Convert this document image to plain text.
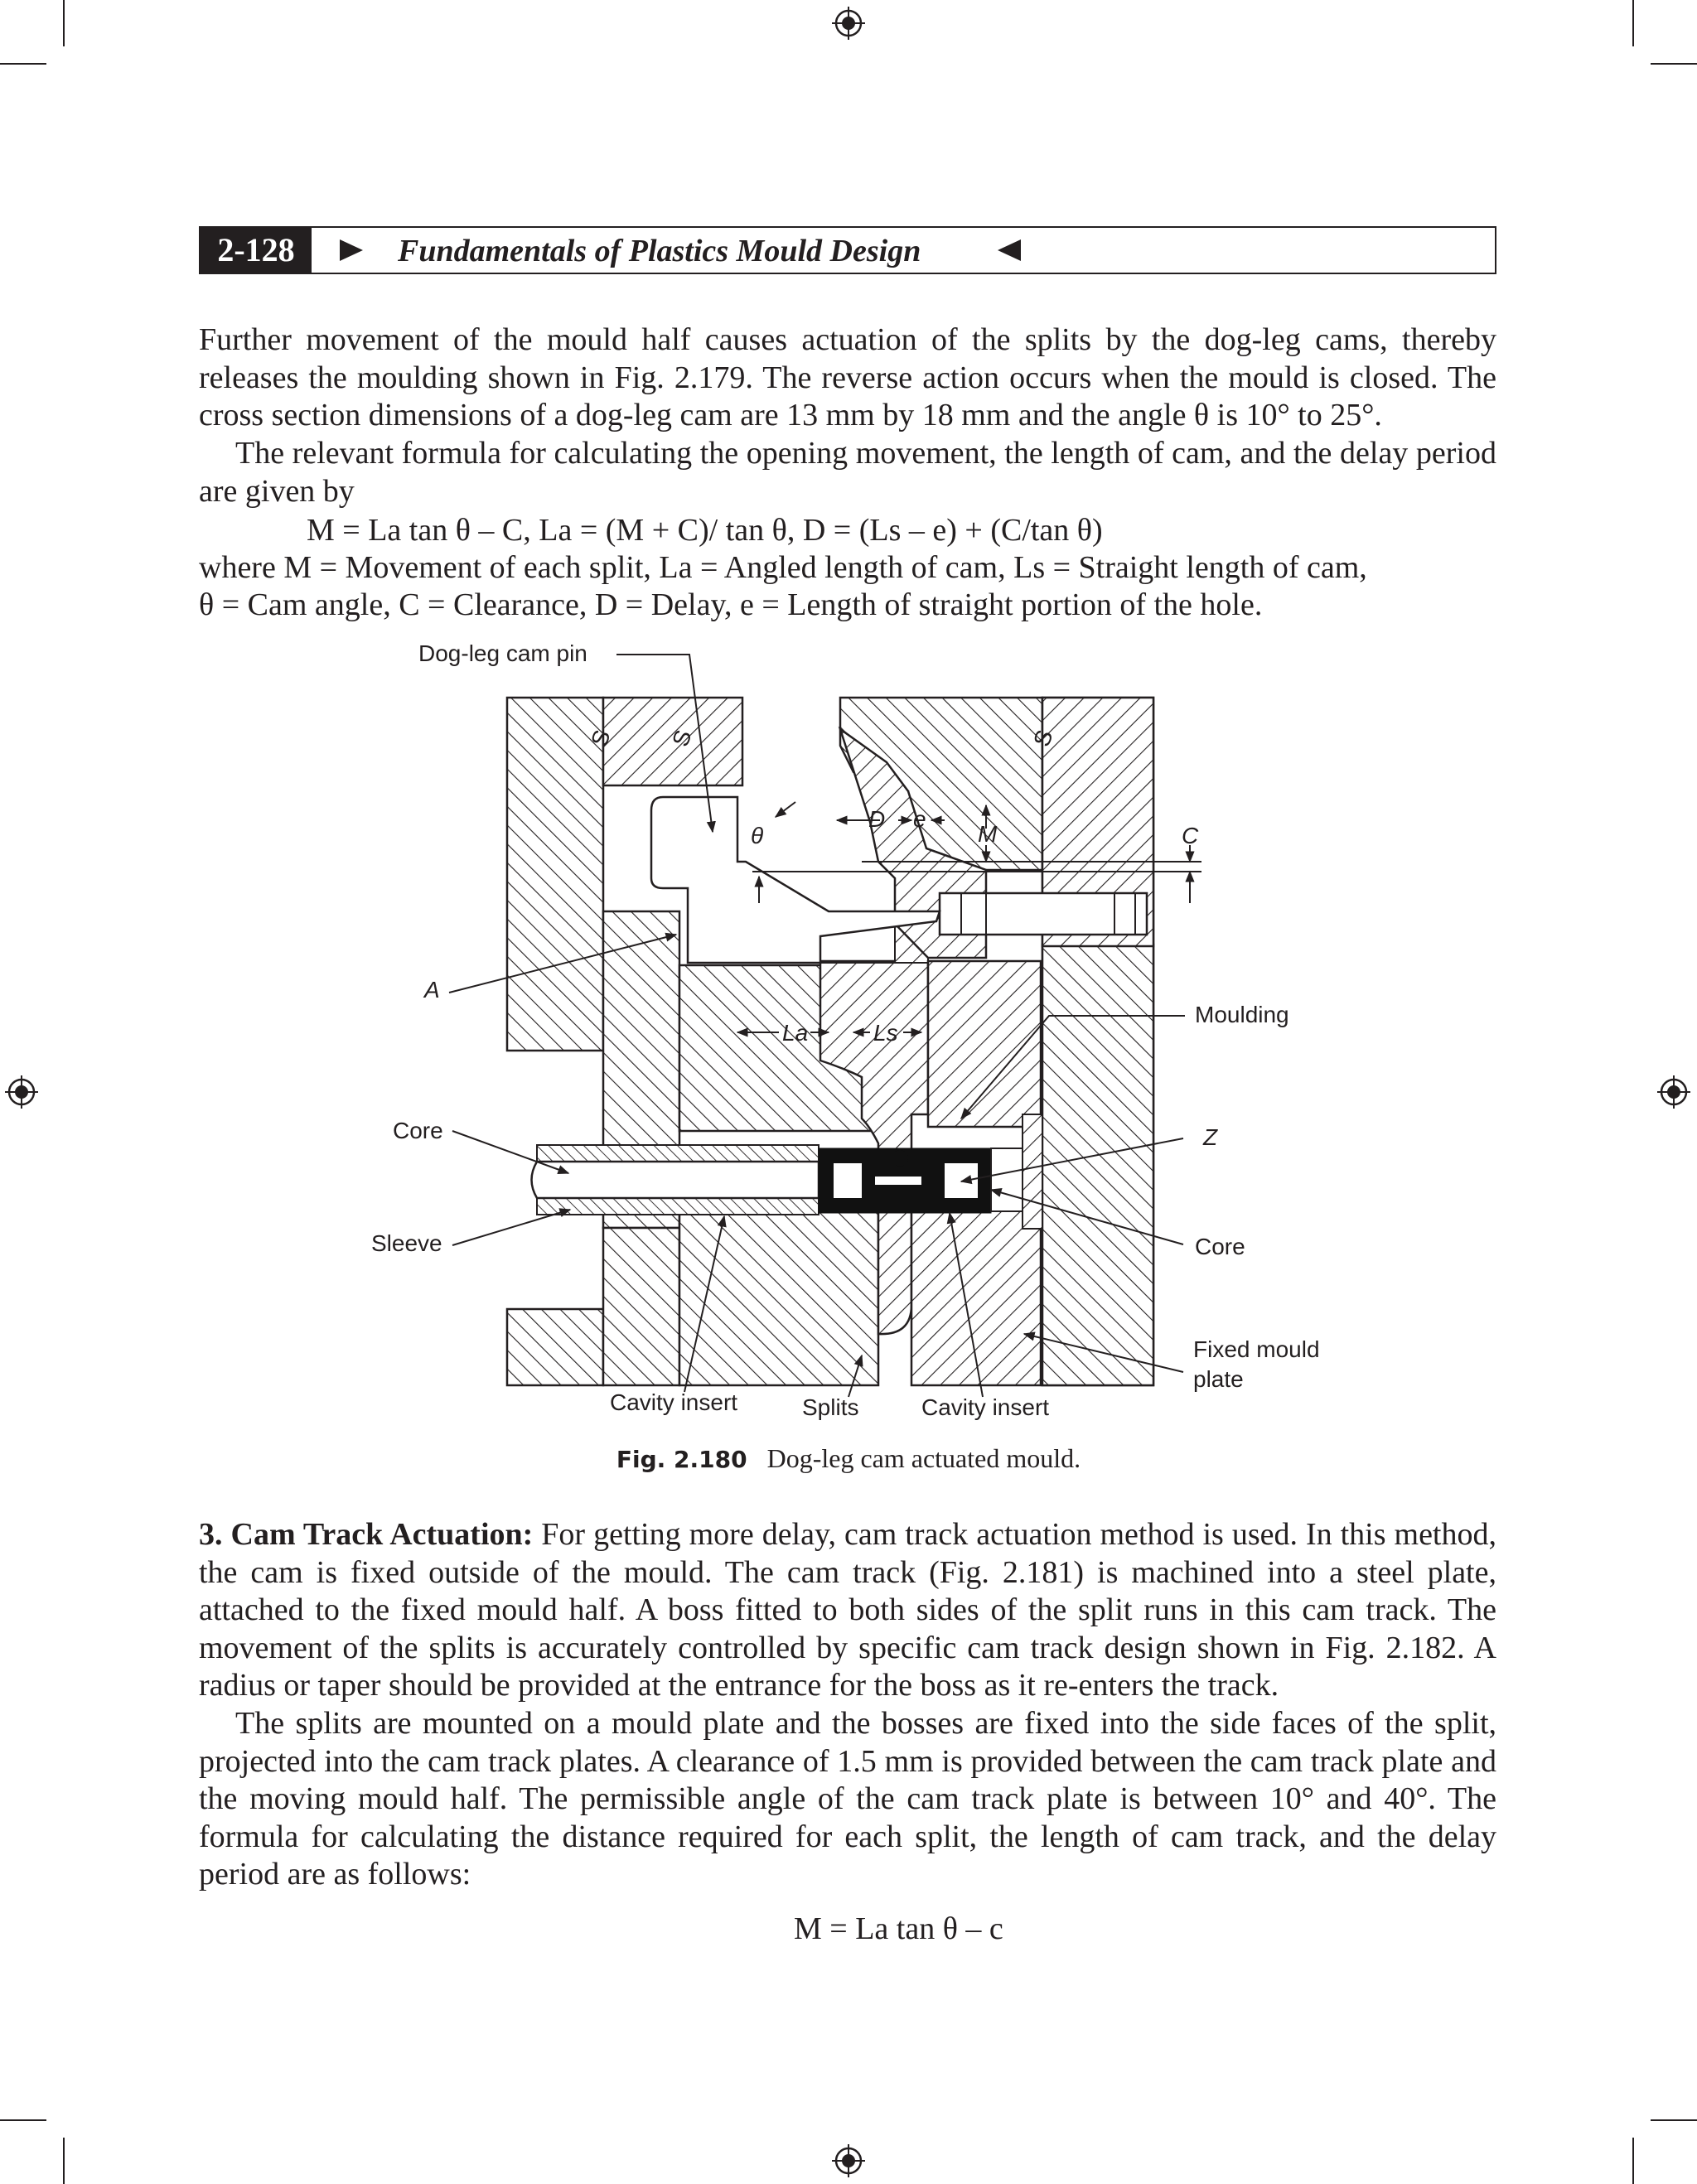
2-128	Fundamentals of Plastics Mould Design
Further movement of the mould half causes actuation of the splits by the dog-leg cams, thereby releases the moulding shown in Fig. 2.179. The reverse action occurs when the mould is closed. The cross section dimensions of a dog-leg cam are 13 mm by 18 mm and the angle θ is 10° to 25°.
The relevant formula for calculating the opening movement, the length of cam, and the delay period are given by
M = La tan θ – C, La = (M + C)/ tan θ, D = (Ls – e) + (C/tan θ)
where M = Movement of each split, La = Angled length of cam, Ls = Straight length of cam,
θ = Cam angle, C = Clearance, D = Delay, e = Length of straight portion of the hole.
Dog-leg cam pin
A
Core
Sleeve
C
Moulding
Z
Core
Fixed mould
plate
Cavity insert	Splits	Cavity insert
θ
D e
M
La	Ls
S S	S
Fig. 2.180 Dog-leg cam actuated mould.
3. Cam Track Actuation: For getting more delay, cam track actuation method is used. In this method, the cam is fixed outside of the mould. The cam track (Fig. 2.181) is machined into a steel plate, attached to the fixed mould half. A boss fitted to both sides of the split runs in this cam track. The movement of the splits is accurately controlled by specific cam track design shown in Fig. 2.182. A radius or taper should be provided at the entrance for the boss as it re-enters the track.
The splits are mounted on a mould plate and the bosses are fixed into the side faces of the split, projected into the cam track plates. A clearance of 1.5 mm is provided between the cam track plate and the moving mould half. The permissible angle of the cam track plate is between 10° and 40°. The formula for calculating the distance required for each split, the length of cam track, and the delay period are as follows:
M = La tan θ – c
